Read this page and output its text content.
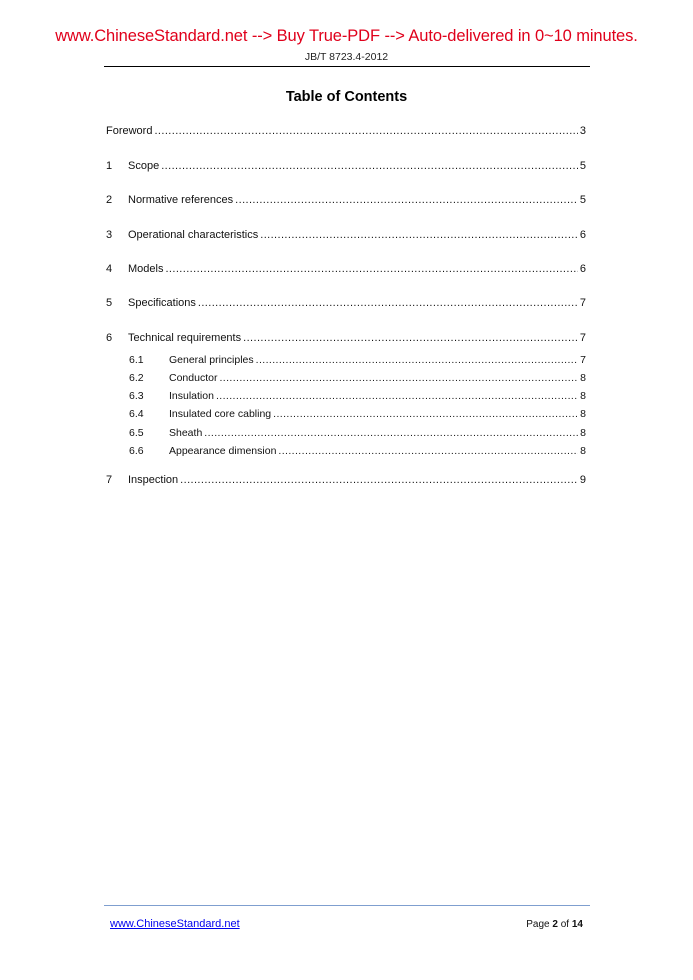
www.ChineseStandard.net --> Buy True-PDF --> Auto-delivered in 0~10 minutes.
JB/T 8723.4-2012
Table of Contents
Foreword .....	3
1	Scope .....	5
2	Normative references .....	5
3	Operational characteristics .....	6
4	Models .....	6
5	Specifications .....	7
6	Technical requirements .....	7
6.1	General principles .....	7
6.2	Conductor .....	8
6.3	Insulation .....	8
6.4	Insulated core cabling .....	8
6.5	Sheath .....	8
6.6	Appearance dimension .....	8
7	Inspection .....	9
www.ChineseStandard.net	Page 2 of 14
